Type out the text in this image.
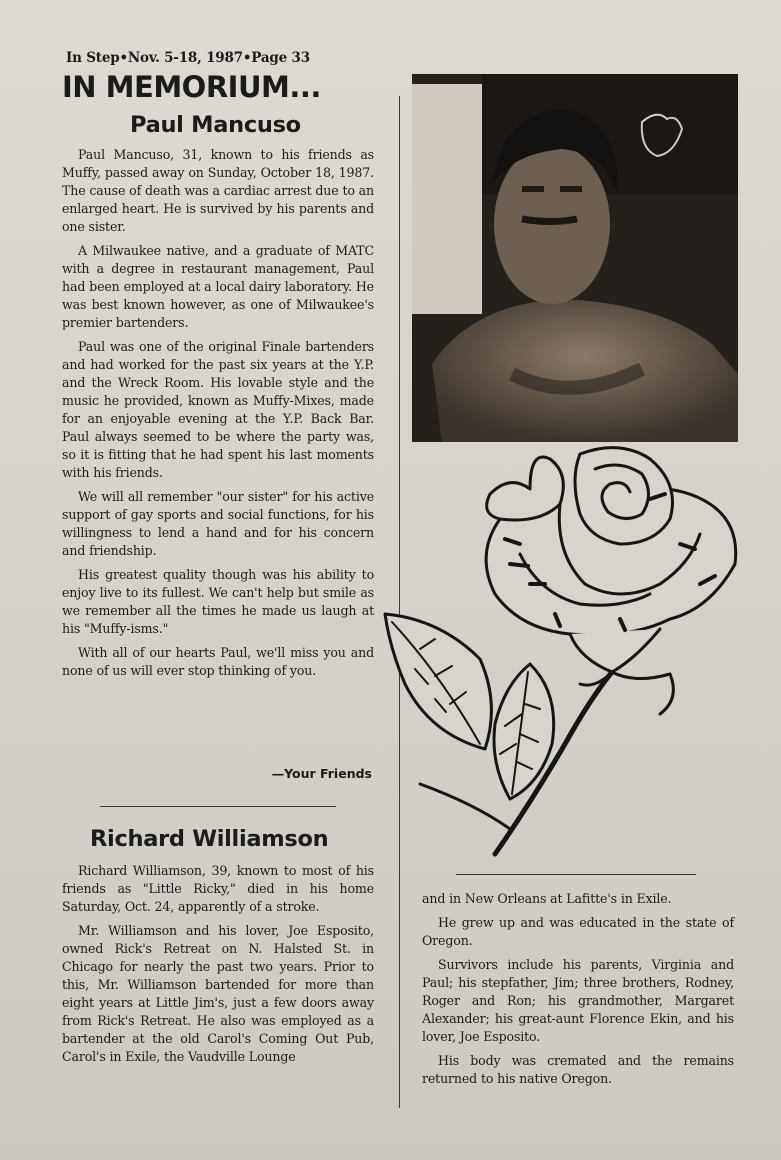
In Step•Nov. 5-18, 1987•Page 33
IN MEMORIUM...
Paul Mancuso

Paul Mancuso, 31, known to his friends as Muffy, passed away on Sunday, October 18, 1987. The cause of death was a cardiac arrest due to an enlarged heart. He is survived by his parents and one sister.

A Milwaukee native, and a graduate of MATC with a degree in restaurant management, Paul had been employed at a local dairy laboratory. He was best known however, as one of Milwaukee's premier bartenders.

Paul was one of the original Finale bartenders and had worked for the past six years at the Y.P. and the Wreck Room. His lovable style and the music he provided, known as Muffy-Mixes, made for an enjoyable evening at the Y.P. Back Bar. Paul always seemed to be where the party was, so it is fitting that he had spent his last moments with his friends.

We will all remember "our sister" for his active support of gay sports and social functions, for his willingness to lend a hand and for his concern and friendship.

His greatest quality though was his ability to enjoy live to its fullest. We can't help but smile as we remember all the times he made us laugh at his "Muffy-isms."

With all of our hearts Paul, we'll miss you and none of us will ever stop thinking of you.

—Your Friends
Richard Williamson

Richard Williamson, 39, known to most of his friends as "Little Ricky," died in his home Saturday, Oct. 24, apparently of a stroke.

Mr. Williamson and his lover, Joe Esposito, owned Rick's Retreat on N. Halsted St. in Chicago for nearly the past two years. Prior to this, Mr. Williamson bartended for more than eight years at Little Jim's, just a few doors away from Rick's Retreat. He also was employed as a bartender at the old Carol's Coming Out Pub, Carol's in Exile, the Vaudville Lounge

and in New Orleans at Lafitte's in Exile.

He grew up and was educated in the state of Oregon.

Survivors include his parents, Virginia and Paul; his stepfather, Jim; three brothers, Rodney, Roger and Ron; his grandmother, Margaret Alexander; his great-aunt Florence Ekin, and his lover, Joe Esposito.

His body was cremated and the remains returned to his native Oregon.
